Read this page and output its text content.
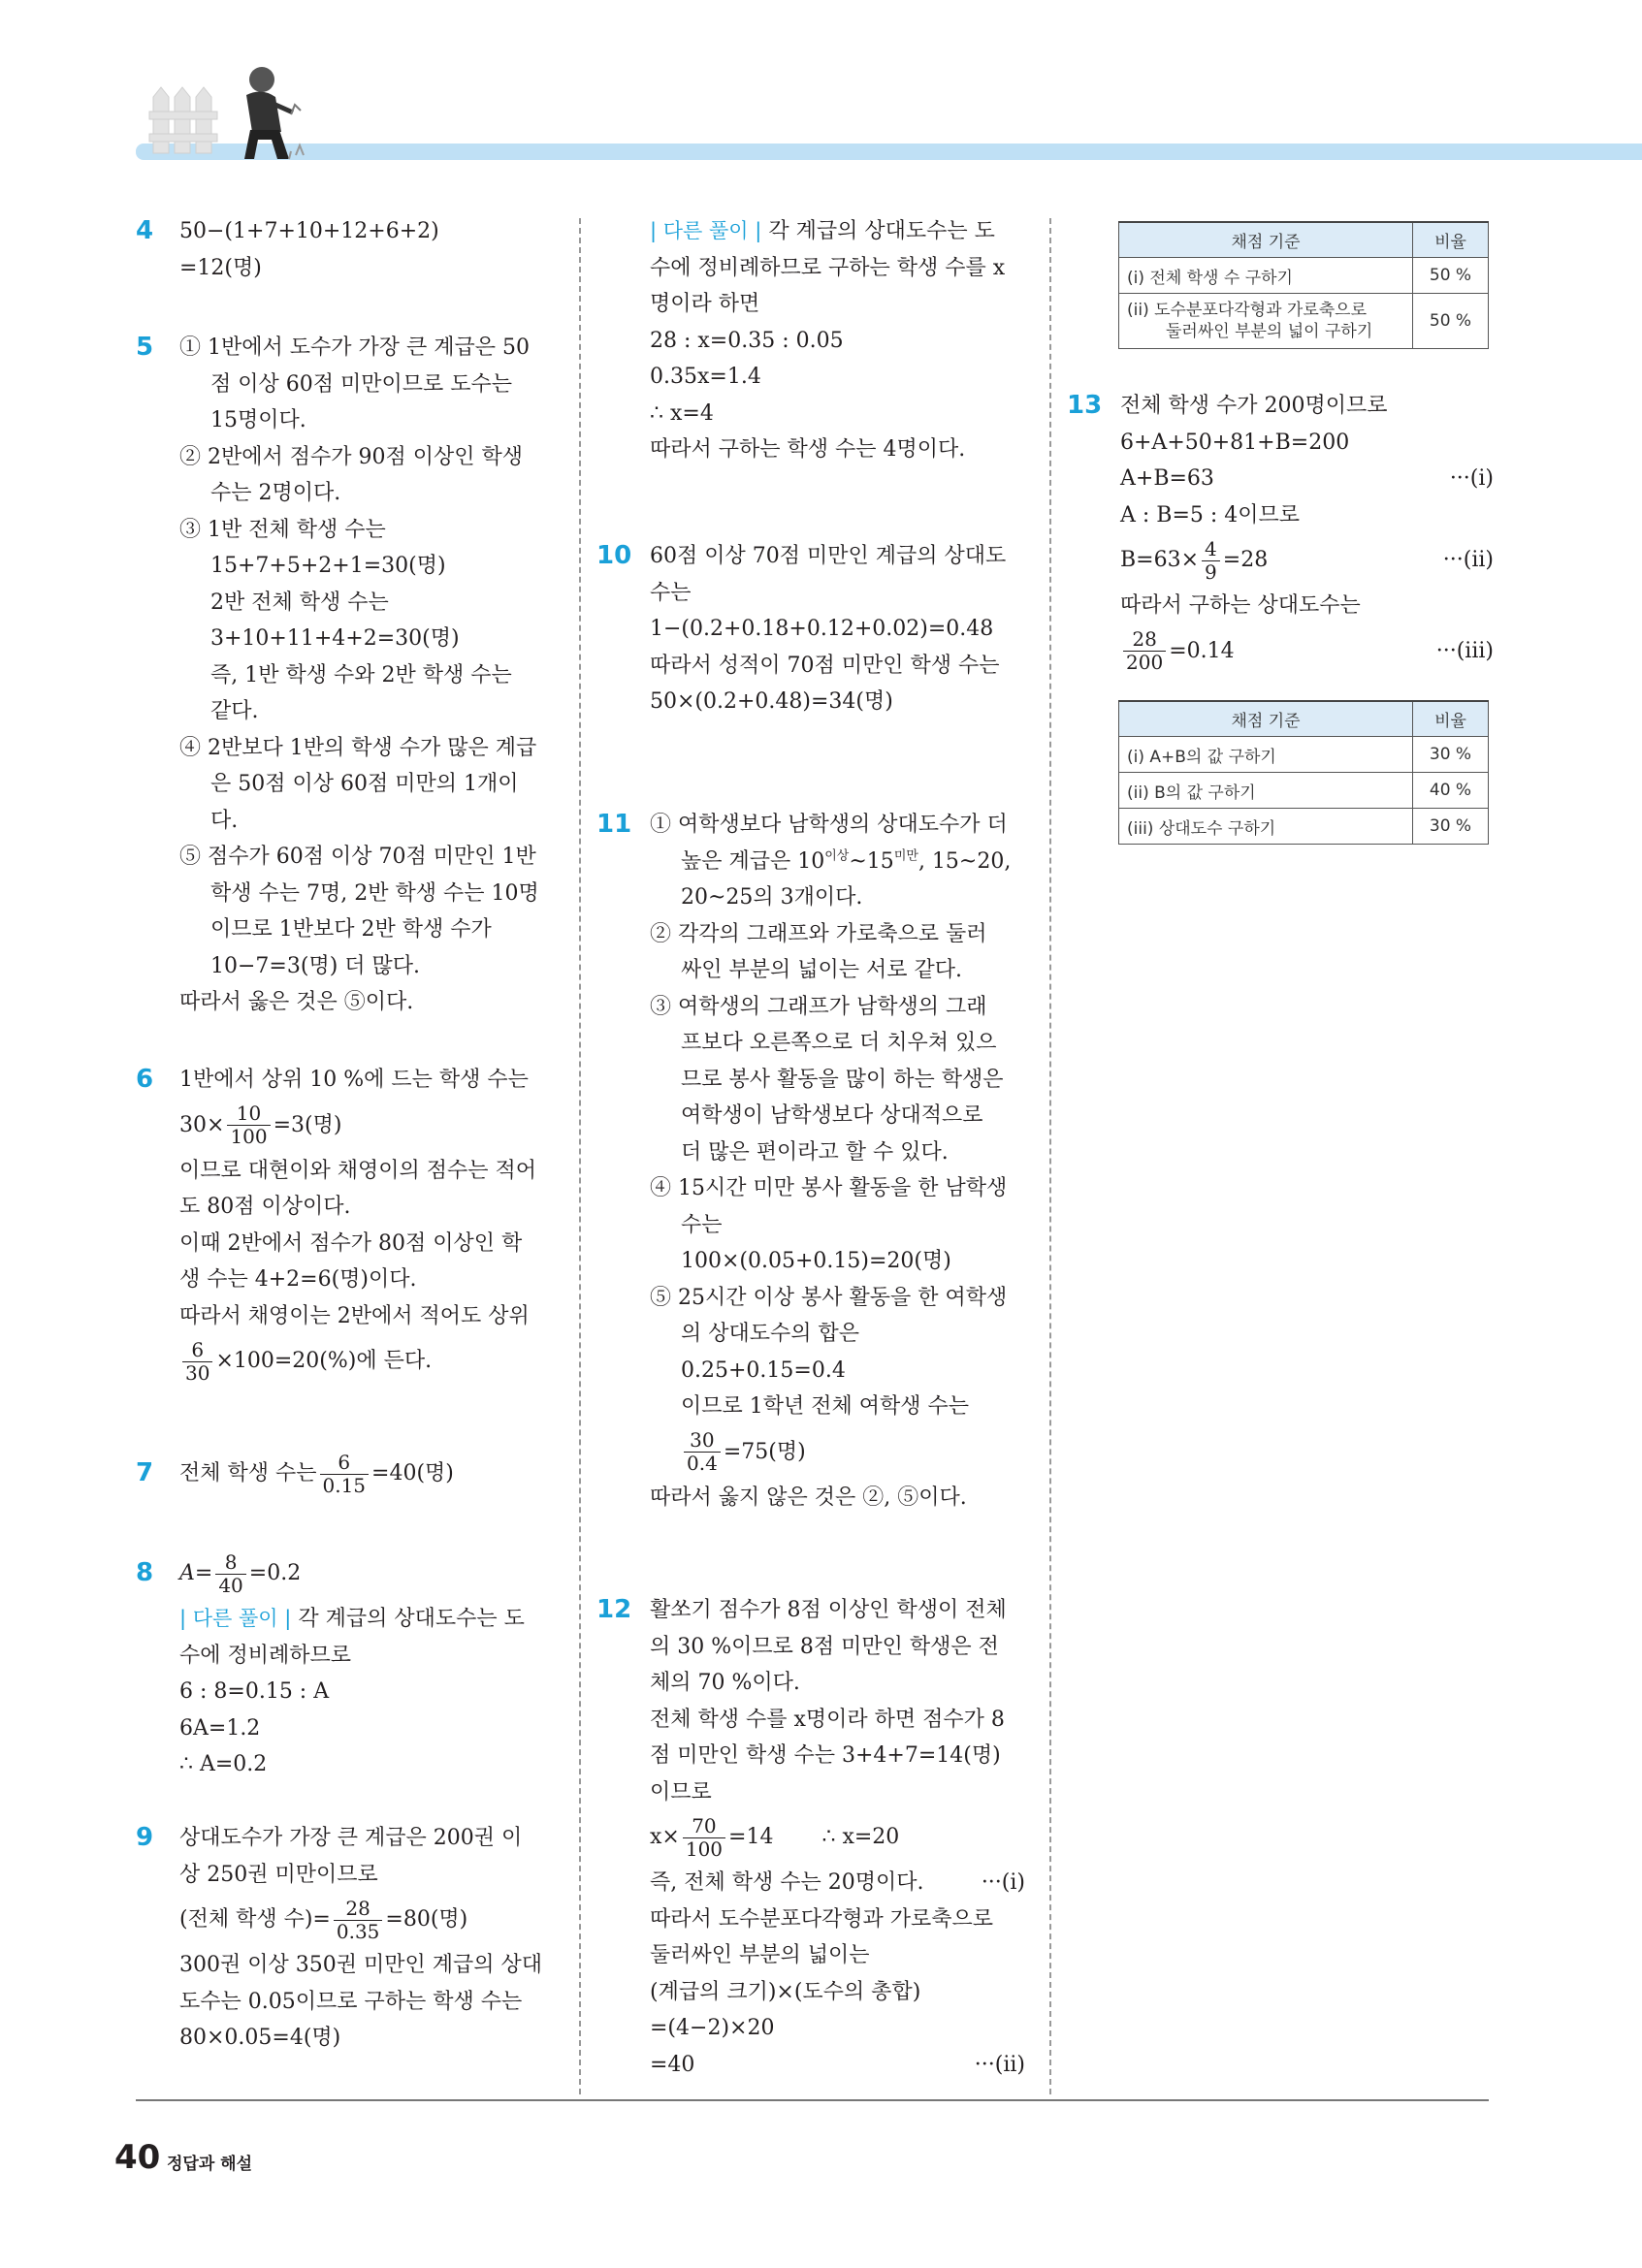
4 50−(1+7+10+12+6+2)
=12(명)
5 ① 1반에서 도수가 가장 큰 계급은 50
점 이상 60점 미만이므로 도수는
15명이다.
② 2반에서 점수가 90점 이상인 학생
수는 2명이다.
③ 1반 전체 학생 수는
15+7+5+2+1=30(명)
2반 전체 학생 수는
3+10+11+4+2=30(명)
즉, 1반 학생 수와 2반 학생 수는
같다.
④ 2반보다 1반의 학생 수가 많은 계급
은 50점 이상 60점 미만의 1개이
다.
⑤ 점수가 60점 이상 70점 미만인 1반
학생 수는 7명, 2반 학생 수는 10명
이므로 1반보다 2반 학생 수가
10−7=3(명) 더 많다.
따라서 옳은 것은 ⑤이다.
6 1반에서 상위 10 %에 드는 학생 수는
$30\times \frac{10}{100} =3$(명)
이므로 대현이와 채영이의 점수는 적어
도 80점 이상이다.
이때 2반에서 점수가 80점 이상인 학
생 수는 4+2=6(명)이다.
따라서 채영이는 2반에서 적어도 상위
$\frac{6}{30} \times 100=20(\%)$에 든다.
7 전체 학생 수는 $\frac{6}{0.15} =40$(명)
8 $A= \frac{8}{40} =0.2$
| 다른 풀이 | 각 계급의 상대도수는 도
수에 정비례하므로
6 : 8=0.15 : A
6A=1.2
∴ A=0.2
9 상대도수가 가장 큰 계급은 200권 이
상 250권 미만이므로
(전체 학생 수)= $\frac{28}{0.35} =80$(명)
300권 이상 350권 미만인 계급의 상대
도수는 0.05이므로 구하는 학생 수는
80×0.05=4(명)
| 다른 풀이 | 각 계급의 상대도수는 도
수에 정비례하므로 구하는 학생 수를 x
명이라 하면
28 : x=0.35 : 0.05
0.35x=1.4
∴ x=4
따라서 구하는 학생 수는 4명이다.
10 60점 이상 70점 미만인 계급의 상대도
수는
1−(0.2+0.18+0.12+0.02)=0.48
따라서 성적이 70점 미만인 학생 수는
50×(0.2+0.48)=34(명)
11 ① 여학생보다 남학생의 상대도수가 더
높은 계급은 $10^{이상}\sim 15^{미만}$, 15~20,
20~25의 3개이다.
② 각각의 그래프와 가로축으로 둘러
싸인 부분의 넓이는 서로 같다.
③ 여학생의 그래프가 남학생의 그래
프보다 오른쪽으로 더 치우쳐 있으
므로 봉사 활동을 많이 하는 학생은
여학생이 남학생보다 상대적으로
더 많은 편이라고 할 수 있다.
④ 15시간 미만 봉사 활동을 한 남학생
수는
100×(0.05+0.15)=20(명)
⑤ 25시간 이상 봉사 활동을 한 여학생
의 상대도수의 합은
0.25+0.15=0.4
이므로 1학년 전체 여학생 수는
$\frac{30}{0.4} =75$(명)
따라서 옳지 않은 것은 ②, ⑤이다.
12 활쏘기 점수가 8점 이상인 학생이 전체
의 30 %이므로 8점 미만인 학생은 전
체의 70 %이다.
전체 학생 수를 x명이라 하면 점수가 8
점 미만인 학생 수는 3+4+7=14(명)
이므로
$x\times \frac{70}{100} =14$ ∴ x=20
즉, 전체 학생 수는 20명이다.	···(i)
따라서 도수분포다각형과 가로축으로
둘러싸인 부분의 넓이는
(계급의 크기)×(도수의 총합)
=(4−2)×20
=40	···(ii)
채점 기준	비율
(i) 전체 학생 수 구하기	50 %

(ii) 도수분포다각형과 가로축으로
둘러싸인 부분의 넓이 구하기	50 %
13 전체 학생 수가 200명이므로
6+A+50+81+B=200
A+B=63	···(i)
A : B=5 : 4이므로
$B=63\times \frac{4}{9} =28$	···(ii)
따라서 구하는 상대도수는
$\frac{28}{200} =0.14$	···(iii)
채점 기준	비율
(i) A+B의 값 구하기	30 %
(ii) B의 값 구하기	40 %
(iii) 상대도수 구하기	30 %
40 정답과 해설
